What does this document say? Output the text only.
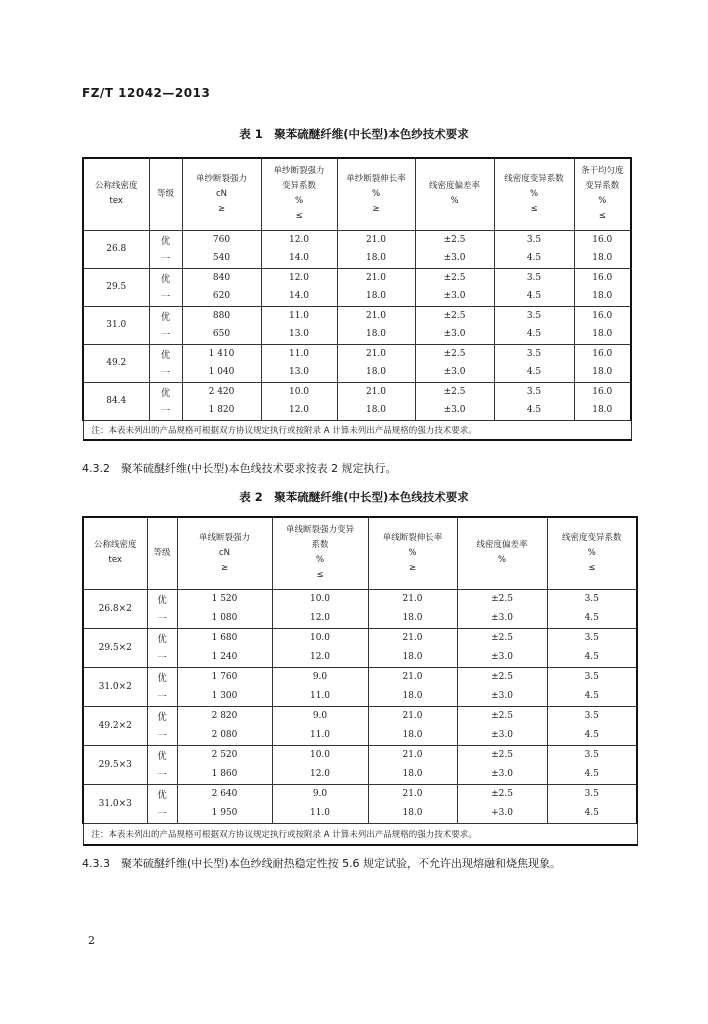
FZ/T 12042—2013
表 1　聚苯硫醚纤维(中长型)本色纱技术要求
公称线密度
tex	等级	单纱断裂强力
cN
≥	单纱断裂强力
变异系数
%
≤	单纱断裂伸长率
%
≥	线密度偏差率
%	线密度变异系数
%
≤	条干均匀度
变异系数
%
≤
26.8	优	760	12.0	21.0	±2.5	3.5	16.0
	一	540	14.0	18.0	±3.0	4.5	18.0
29.5	优	840	12.0	21.0	±2.5	3.5	16.0
	一	620	14.0	18.0	±3.0	4.5	18.0
31.0	优	880	11.0	21.0	±2.5	3.5	16.0
	一	650	13.0	18.0	±3.0	4.5	18.0
49.2	优	1 410	11.0	21.0	±2.5	3.5	16.0
	一	1 040	13.0	18.0	±3.0	4.5	18.0
84.4	优	2 420	10.0	21.0	±2.5	3.5	16.0
	一	1 820	12.0	18.0	±3.0	4.5	18.0
注：本表未列出的产品规格可根据双方协议规定执行或按附录 A 计算未列出产品规格的强力技术要求。							
4.3.2　聚苯硫醚纤维(中长型)本色线技术要求按表 2 规定执行。
表 2　聚苯硫醚纤维(中长型)本色线技术要求
公称线密度
tex	等级	单线断裂强力
cN
≥	单线断裂强力变异
系数
%
≤	单线断裂伸长率
%
≥	线密度偏差率
%	线密度变异系数
%
≤
26.8×2	优	1 520	10.0	21.0	±2.5	3.5
	一	1 080	12.0	18.0	±3.0	4.5
29.5×2	优	1 680	10.0	21.0	±2.5	3.5
	一	1 240	12.0	18.0	±3.0	4.5
31.0×2	优	1 760	9.0	21.0	±2.5	3.5
	一	1 300	11.0	18.0	±3.0	4.5
49.2×2	优	2 820	9.0	21.0	±2.5	3.5
	一	2 080	11.0	18.0	±3.0	4.5
29.5×3	优	2 520	10.0	21.0	±2.5	3.5
	一	1 860	12.0	18.0	±3.0	4.5
31.0×3	优	2 640	9.0	21.0	±2.5	3.5
	一	1 950	11.0	18.0	+3.0	4.5
注：本表未列出的产品规格可根据双方协议规定执行或按附录 A 计算未列出产品规格的强力技术要求。						
4.3.3　聚苯硫醚纤维(中长型)本色纱线耐热稳定性按 5.6 规定试验，不允许出现熔融和烧焦现象。
2
